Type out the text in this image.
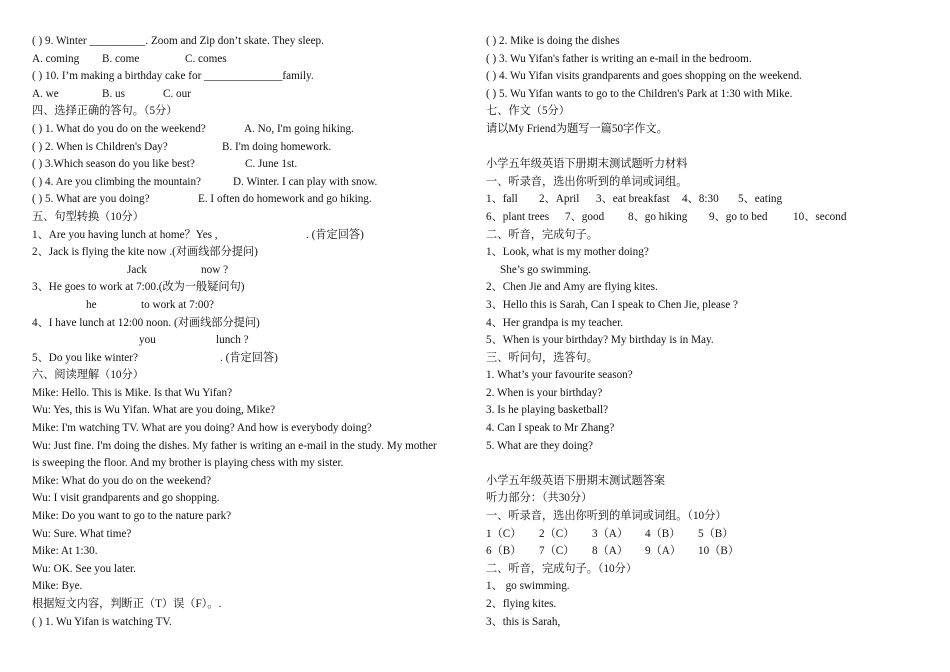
( ) 9. Winter __________. Zoom and Zip don’t skate. They sleep.
A. coming B. come	C. comes
( ) 10. I’m making a birthday cake for ______________family.
A. we	B. us	C. our
四、选择正确的答句。（5分）
( ) 1. What do you do on the weekend?	A. No, I'm going hiking.
( ) 2. When is Children's Day?	B. I'm doing homework.
( ) 3.Which season do you like best?	C. June 1st.
( ) 4. Are you climbing the mountain?	D. Winter. I can play with snow.
( ) 5. What are you doing?	E. I often do homework and go hiking.
五、句型转换（10分）
1、Are you having lunch at home？Yes ,	. (肯定回答)
2、Jack is flying the kite now .(对画线部分提问)
Jack	now ?
3、He goes to work at 7:00.(改为一般疑问句)
he	to work at 7:00?
4、I have lunch at 12:00 noon. (对画线部分提问)
you	lunch ?
5、Do you like winter?	. (肯定回答)
六、阅读理解（10分）
Mike: Hello. This is Mike. Is that Wu Yifan?
Wu: Yes, this is Wu Yifan. What are you doing, Mike?
Mike: I'm watching TV. What are you doing? And how is everybody doing?
Wu: Just fine. I'm doing the dishes. My father is writing an e-mail in the study. My mother
is sweeping the floor. And my brother is playing chess with my sister.
Mike: What do you do on the weekend?
Wu: I visit grandparents and go shopping.
Mike: Do you want to go to the nature park?
Wu: Sure. What time?
Mike: At 1:30.
Wu: OK. See you later.
Mike: Bye.
根据短文内容，判断正（T）误（F）。.
( ) 1. Wu Yifan is watching TV.
( ) 2. Mike is doing the dishes
( ) 3. Wu Yifan's father is writing an e-mail in the bedroom.
( ) 4. Wu Yifan visits grandparents and goes shopping on the weekend.
( ) 5. Wu Yifan wants to go to the Children's Park at 1:30 with Mike.
七、作文（5分）
请以My Friend为题写一篇50字作文。
小学五年级英语下册期末测试题听力材料
一、听录音，选出你听到的单词或词组。
1、fall 2、April 3、eat breakfast 4、8:30 5、eating
6、plant trees 7、good 8、go hiking 9、go to bed 10、second
二、听音，完成句子。
1、Look, what is my mother doing?
She’s go swimming.
2、Chen Jie and Amy are flying kites.
3、Hello this is Sarah, Can I speak to Chen Jie, please ?
4、Her grandpa is my teacher.
5、When is your birthday? My birthday is in May.
三、听问句，选答句。
1. What’s your favourite season?
2. When is your birthday?
3. Is he playing basketball?
4. Can I speak to Mr Zhang?
5. What are they doing?
小学五年级英语下册期末测试题答案
听力部分：（共30分）
一、听录音，选出你听到的单词或词组。（10分）
1（C） 2（C） 3（A） 4（B） 5（B）
6（B） 7（C） 8（A） 9（A） 10（B）
二、听音，完成句子。（10分）
1、 go swimming.
2、flying kites.
3、this is Sarah,
